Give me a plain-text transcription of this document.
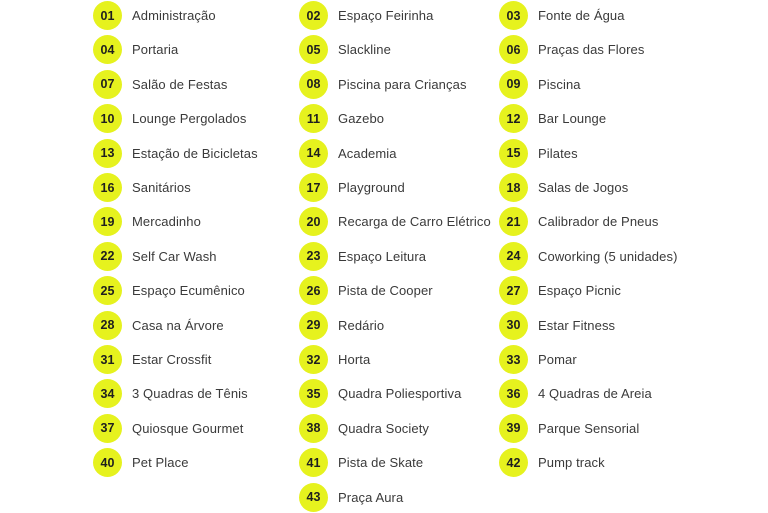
01	Administração
04	Portaria
07	Salão de Festas
10	Lounge Pergolados
13	Estação de Bicicletas
16	Sanitários
19	Mercadinho
22	Self Car Wash
25	Espaço Ecumênico
28	Casa na Árvore
31	Estar Crossfit
34	3 Quadras de Tênis
37	Quiosque Gourmet
40	Pet Place
02	Espaço Feirinha
05	Slackline
08	Piscina para Crianças
11	Gazebo
14	Academia
17	Playground
20	Recarga de Carro Elétrico
23	Espaço Leitura
26	Pista de Cooper
29	Redário
32	Horta
35	Quadra Poliesportiva
38	Quadra Society
41	Pista de Skate
43	Praça Aura
03	Fonte de Água
06	Praças das Flores
09	Piscina
12	Bar Lounge
15	Pilates
18	Salas de Jogos
21	Calibrador de Pneus
24	Coworking (5 unidades)
27	Espaço Picnic
30	Estar Fitness
33	Pomar
36	4 Quadras de Areia
39	Parque Sensorial
42	Pump track
